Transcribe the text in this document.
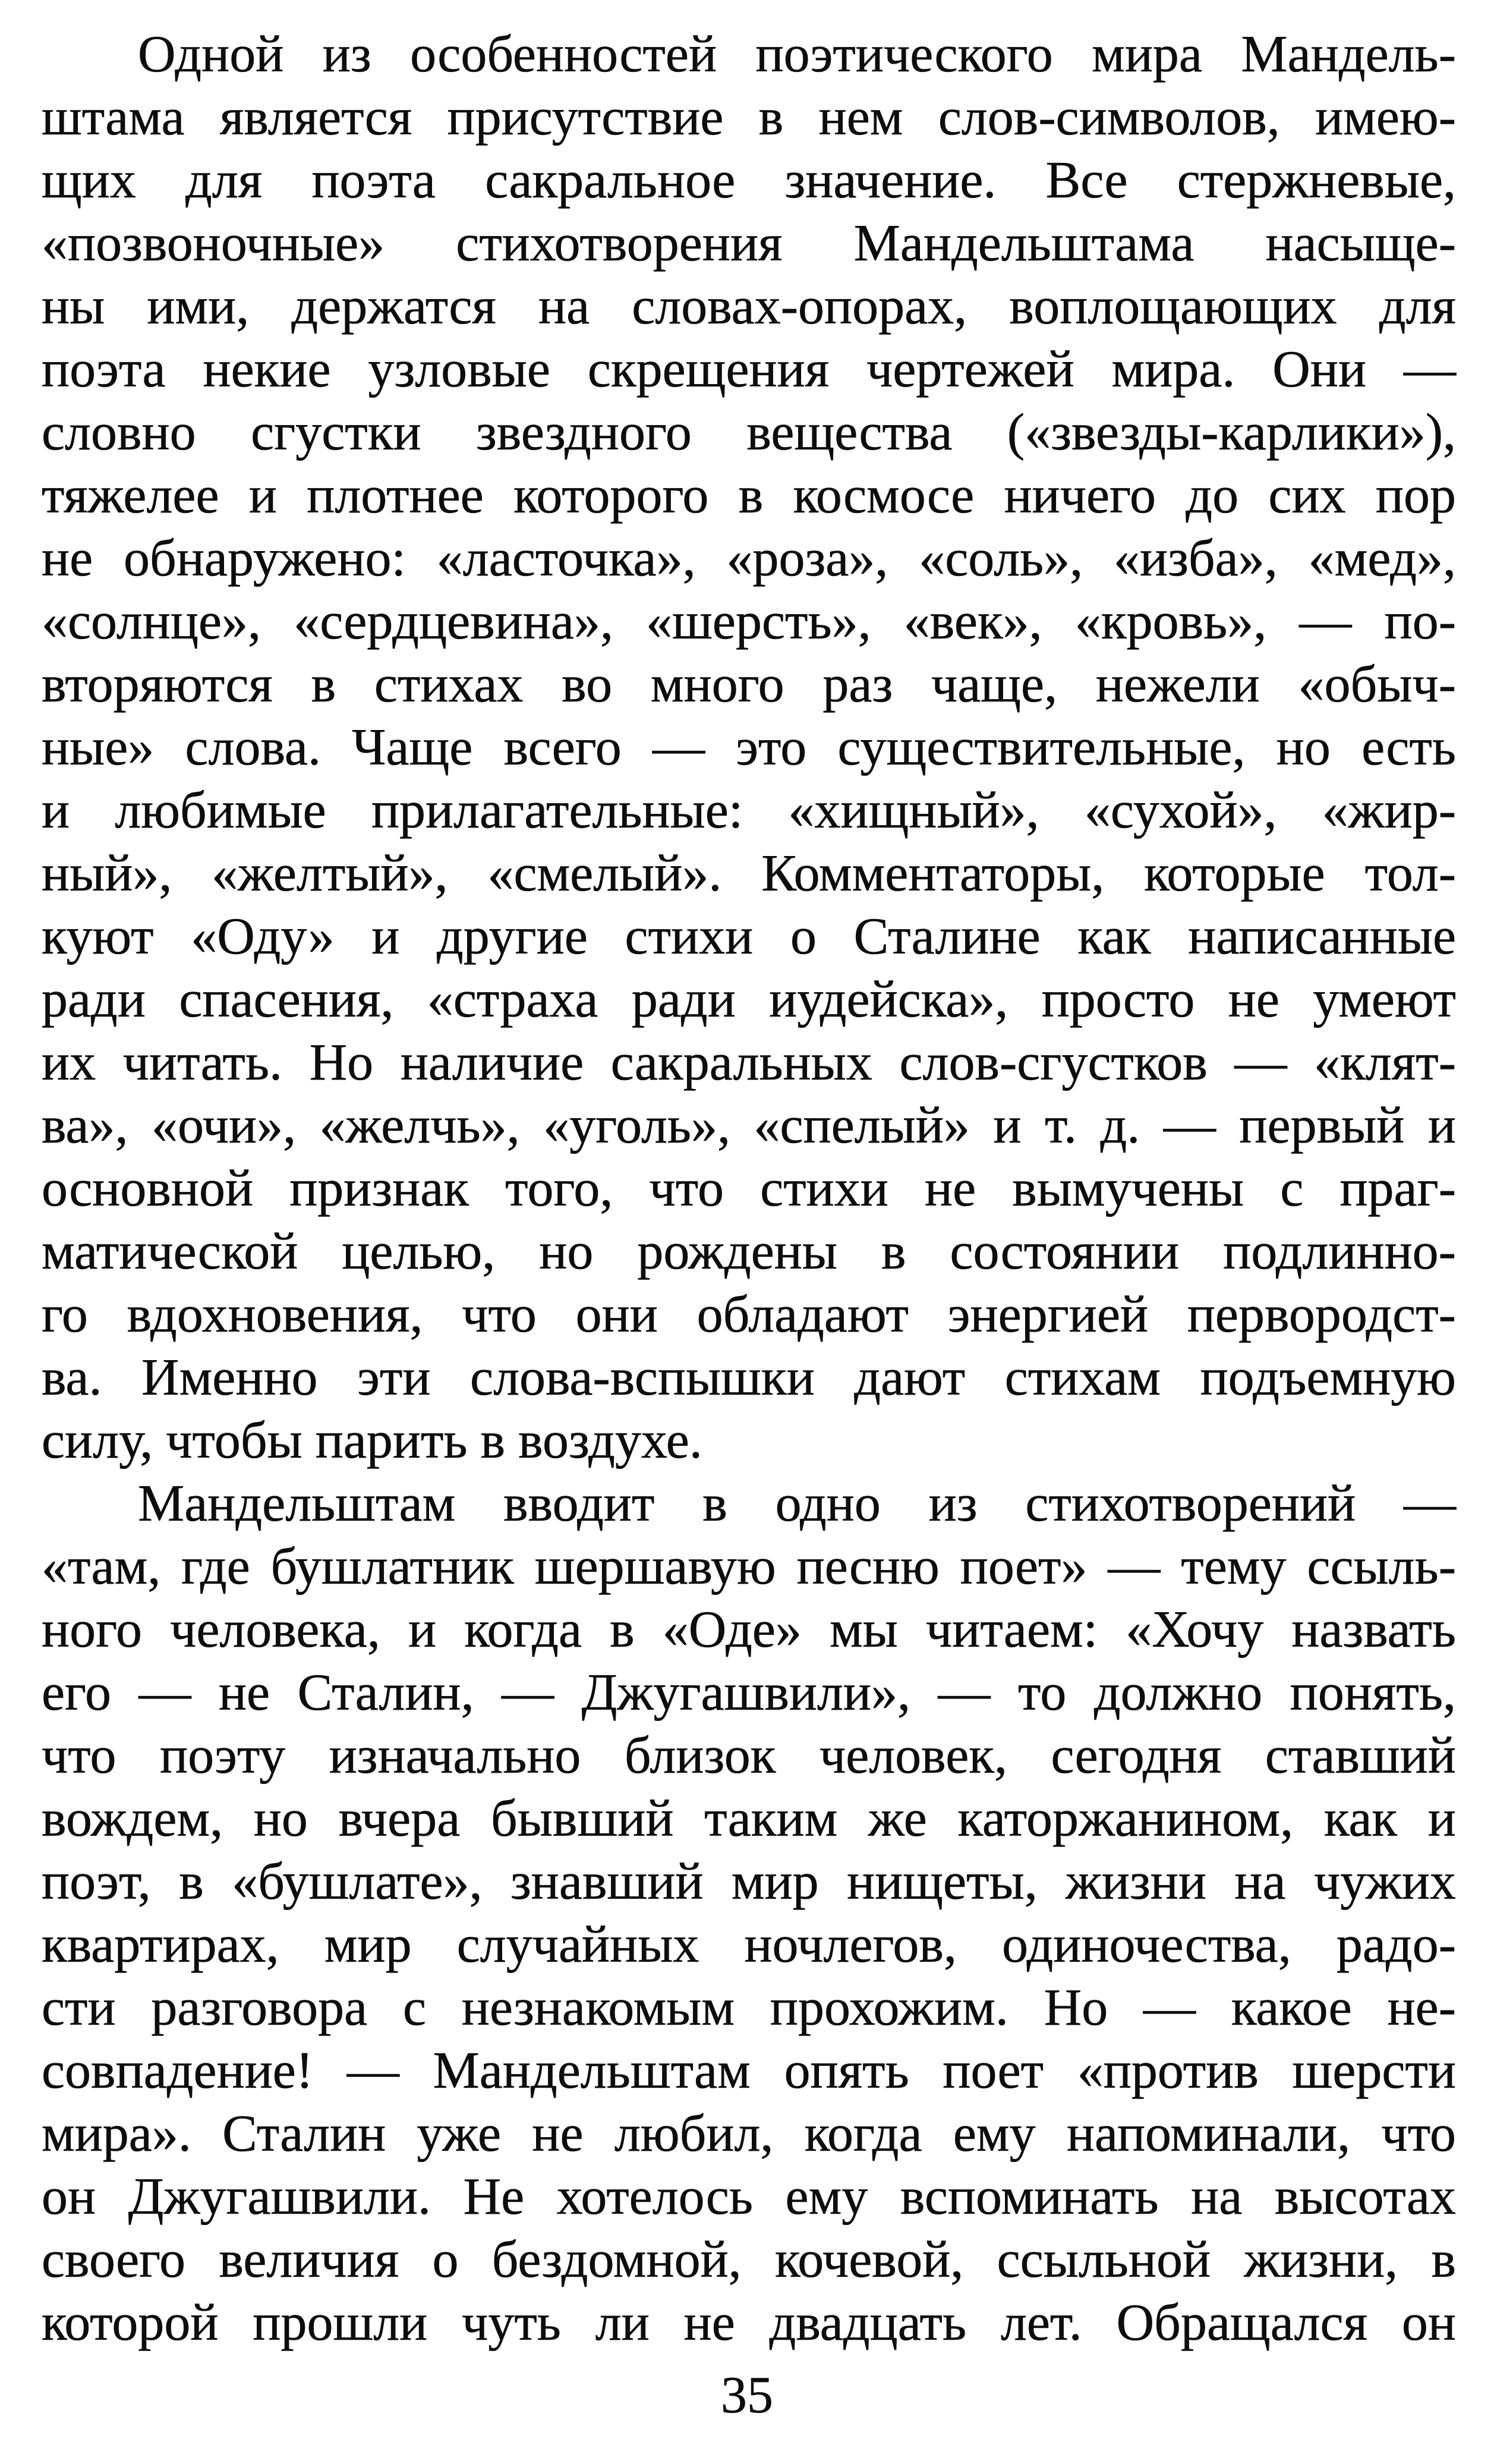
Одной из особенностей поэтического мира Мандель-
штама является присутствие в нем слов-символов, имею-
щих для поэта сакральное значение. Все стержневые,
«позвоночные» стихотворения Мандельштама насыще-
ны ими, держатся на словах-опорах, воплощающих для
поэта некие узловые скрещения чертежей мира. Они —
словно сгустки звездного вещества («звезды-карлики»),
тяжелее и плотнее которого в космосе ничего до сих пор
не обнаружено: «ласточка», «роза», «соль», «изба», «мед»,
«солнце», «сердцевина», «шерсть», «век», «кровь», — по-
вторяются в стихах во много раз чаще, нежели «обыч-
ные» слова. Чаще всего — это существительные, но есть
и любимые прилагательные: «хищный», «сухой», «жир-
ный», «желтый», «смелый». Комментаторы, которые тол-
куют «Оду» и другие стихи о Сталине как написанные
ради спасения, «страха ради иудейска», просто не умеют
их читать. Но наличие сакральных слов-сгустков — «клят-
ва», «очи», «желчь», «уголь», «спелый» и т. д. — первый и
основной признак того, что стихи не вымучены с праг-
матической целью, но рождены в состоянии подлинно-
го вдохновения, что они обладают энергией первородст-
ва. Именно эти слова-вспышки дают стихам подъемную
силу, чтобы парить в воздухе.
Мандельштам вводит в одно из стихотворений —
«там, где бушлатник шершавую песню поет» — тему ссыль-
ного человека, и когда в «Оде» мы читаем: «Хочу назвать
его — не Сталин, — Джугашвили», — то должно понять,
что поэту изначально близок человек, сегодня ставший
вождем, но вчера бывший таким же каторжанином, как и
поэт, в «бушлате», знавший мир нищеты, жизни на чужих
квартирах, мир случайных ночлегов, одиночества, радо-
сти разговора с незнакомым прохожим. Но — какое не-
совпадение! — Мандельштам опять поет «против шерсти
мира». Сталин уже не любил, когда ему напоминали, что
он Джугашвили. Не хотелось ему вспоминать на высотах
своего величия о бездомной, кочевой, ссыльной жизни, в
которой прошли чуть ли не двадцать лет. Обращался он
35
